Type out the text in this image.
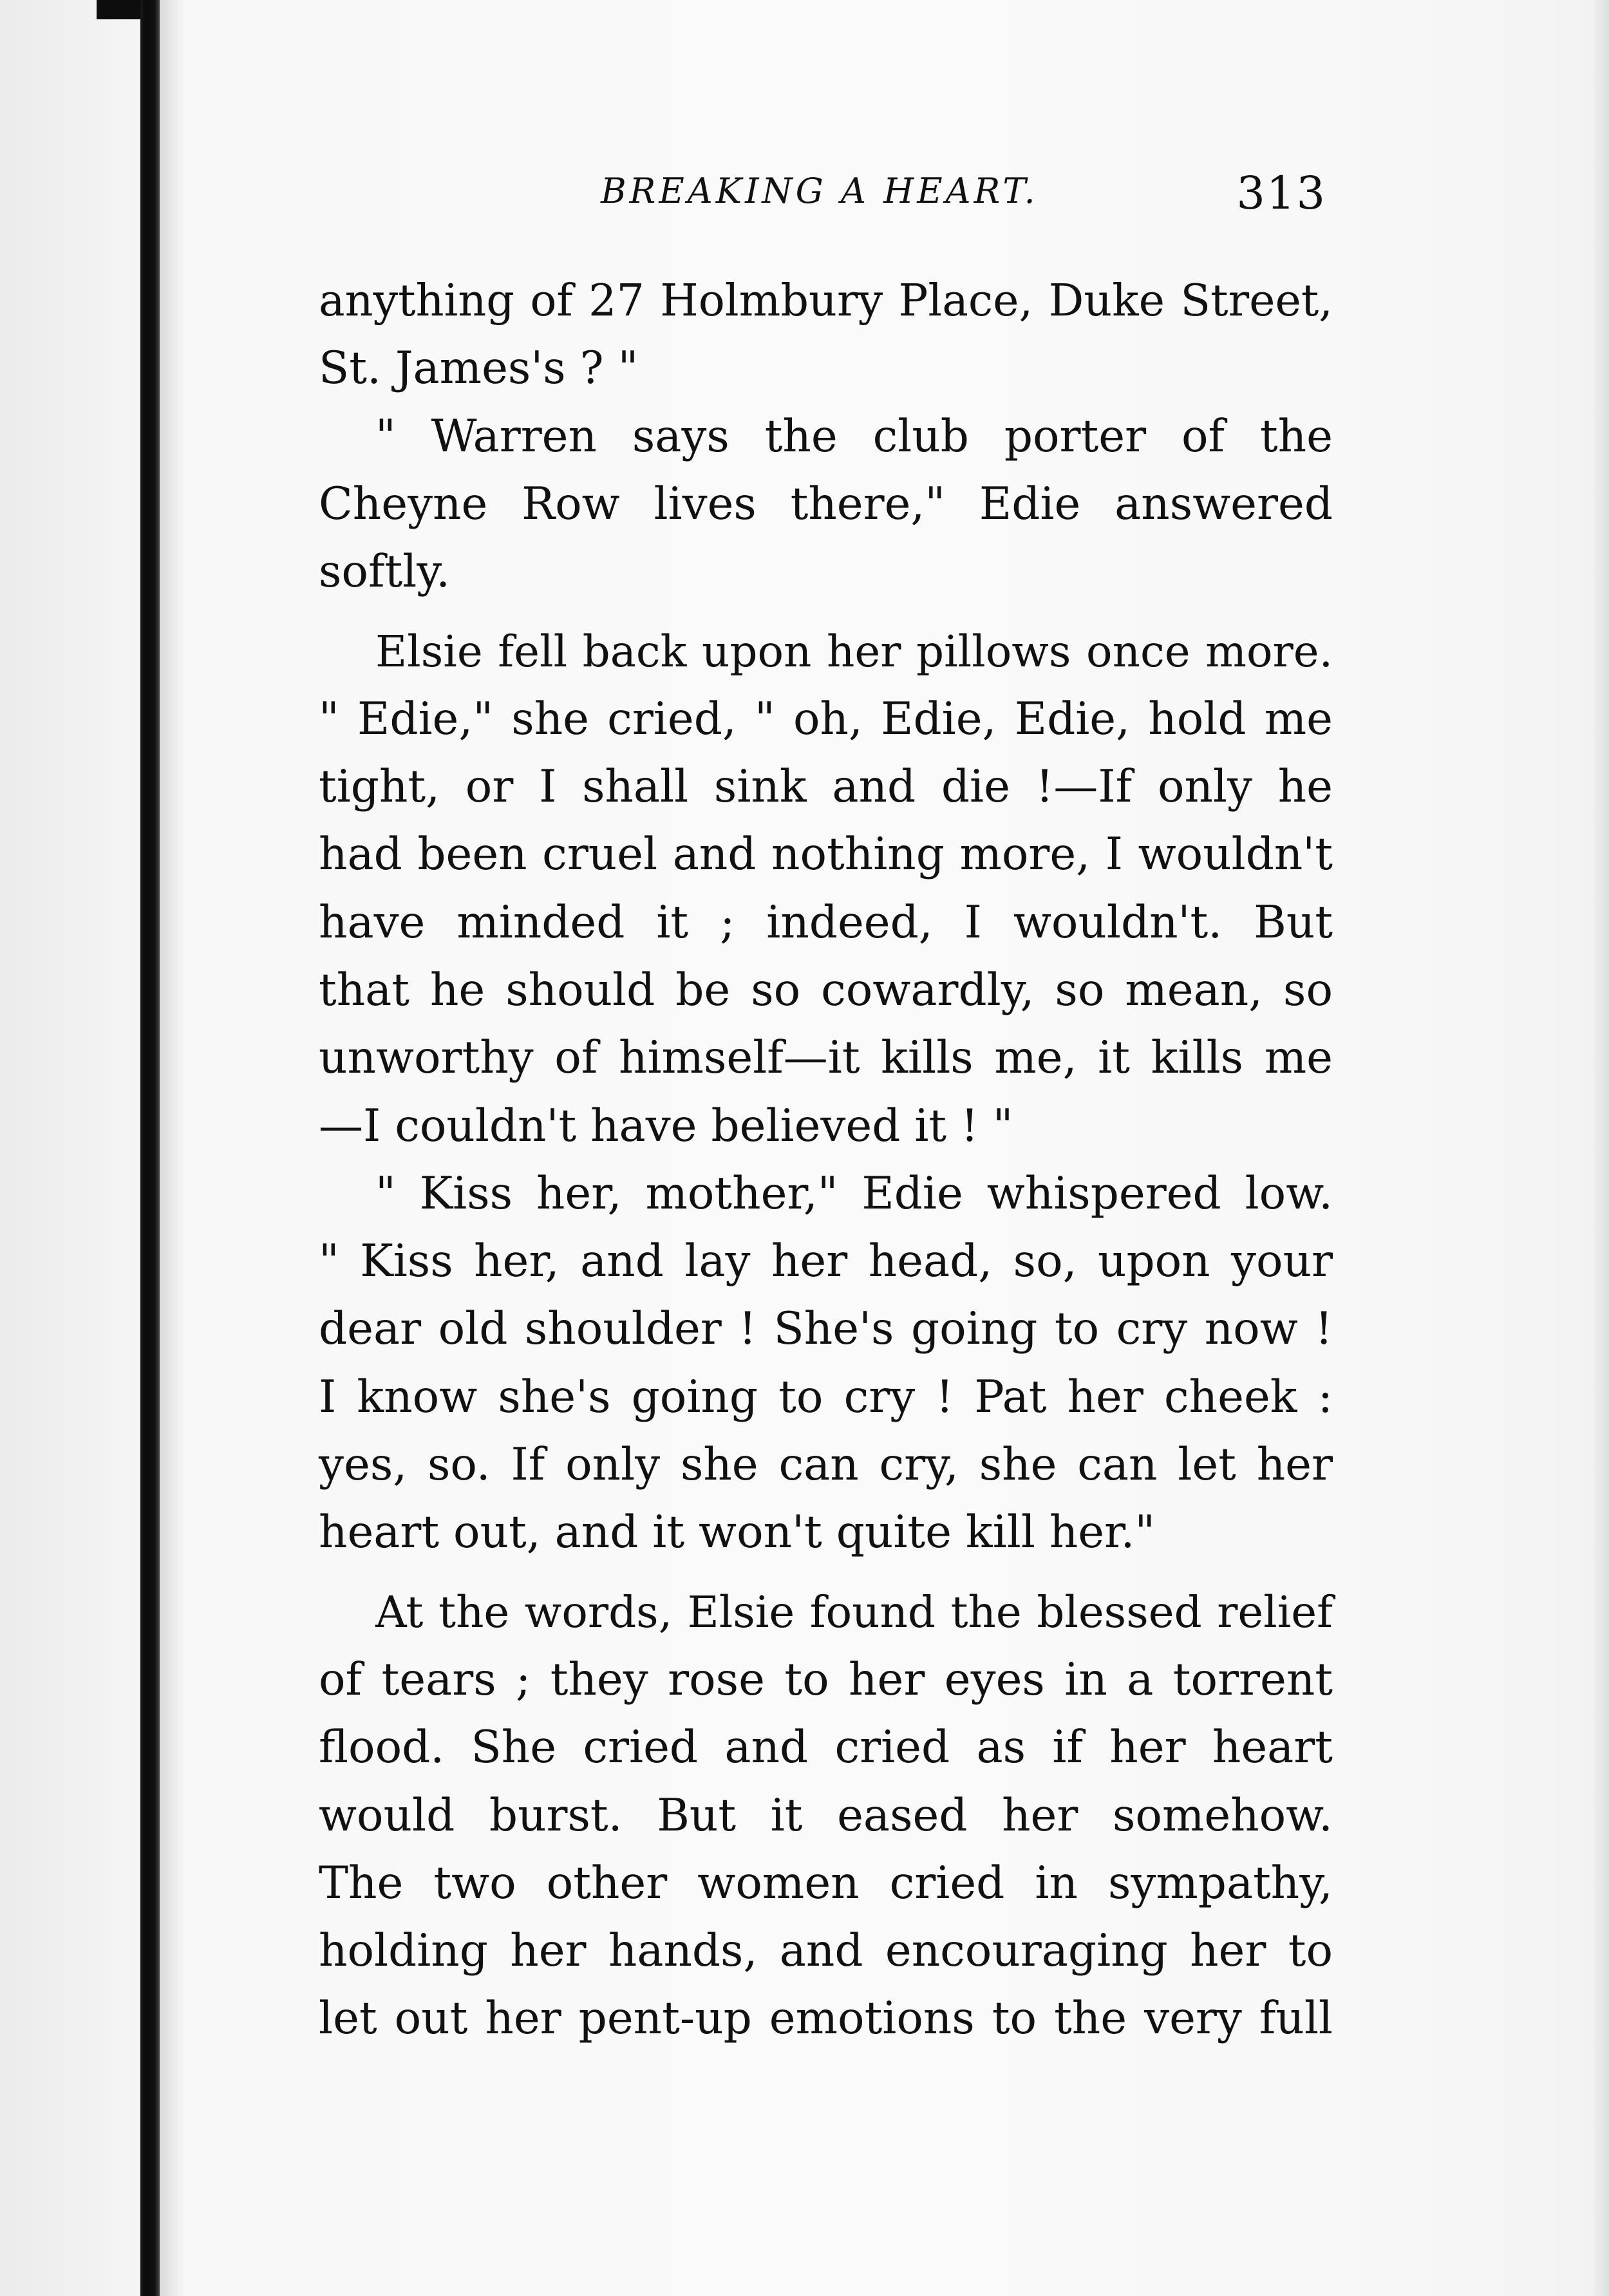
BREAKING A HEART.	313
anything of 27 Holmbury Place, Duke Street,
St. James's ? "
" Warren says the club porter of the
Cheyne Row lives there," Edie answered
softly.
Elsie fell back upon her pillows once more.
" Edie," she cried, " oh, Edie, Edie, hold me
tight, or I shall sink and die !—If only he
had been cruel and nothing more, I wouldn't
have minded it ; indeed, I wouldn't. But
that he should be so cowardly, so mean, so
unworthy of himself—it kills me, it kills me
—I couldn't have believed it ! "
" Kiss her, mother," Edie whispered low.
" Kiss her, and lay her head, so, upon your
dear old shoulder ! She's going to cry now !
I know she's going to cry ! Pat her cheek :
yes, so. If only she can cry, she can let her
heart out, and it won't quite kill her."
At the words, Elsie found the blessed relief
of tears ; they rose to her eyes in a torrent
flood. She cried and cried as if her heart
would burst. But it eased her somehow.
The two other women cried in sympathy,
holding her hands, and encouraging her to
let out her pent-up emotions to the very full
